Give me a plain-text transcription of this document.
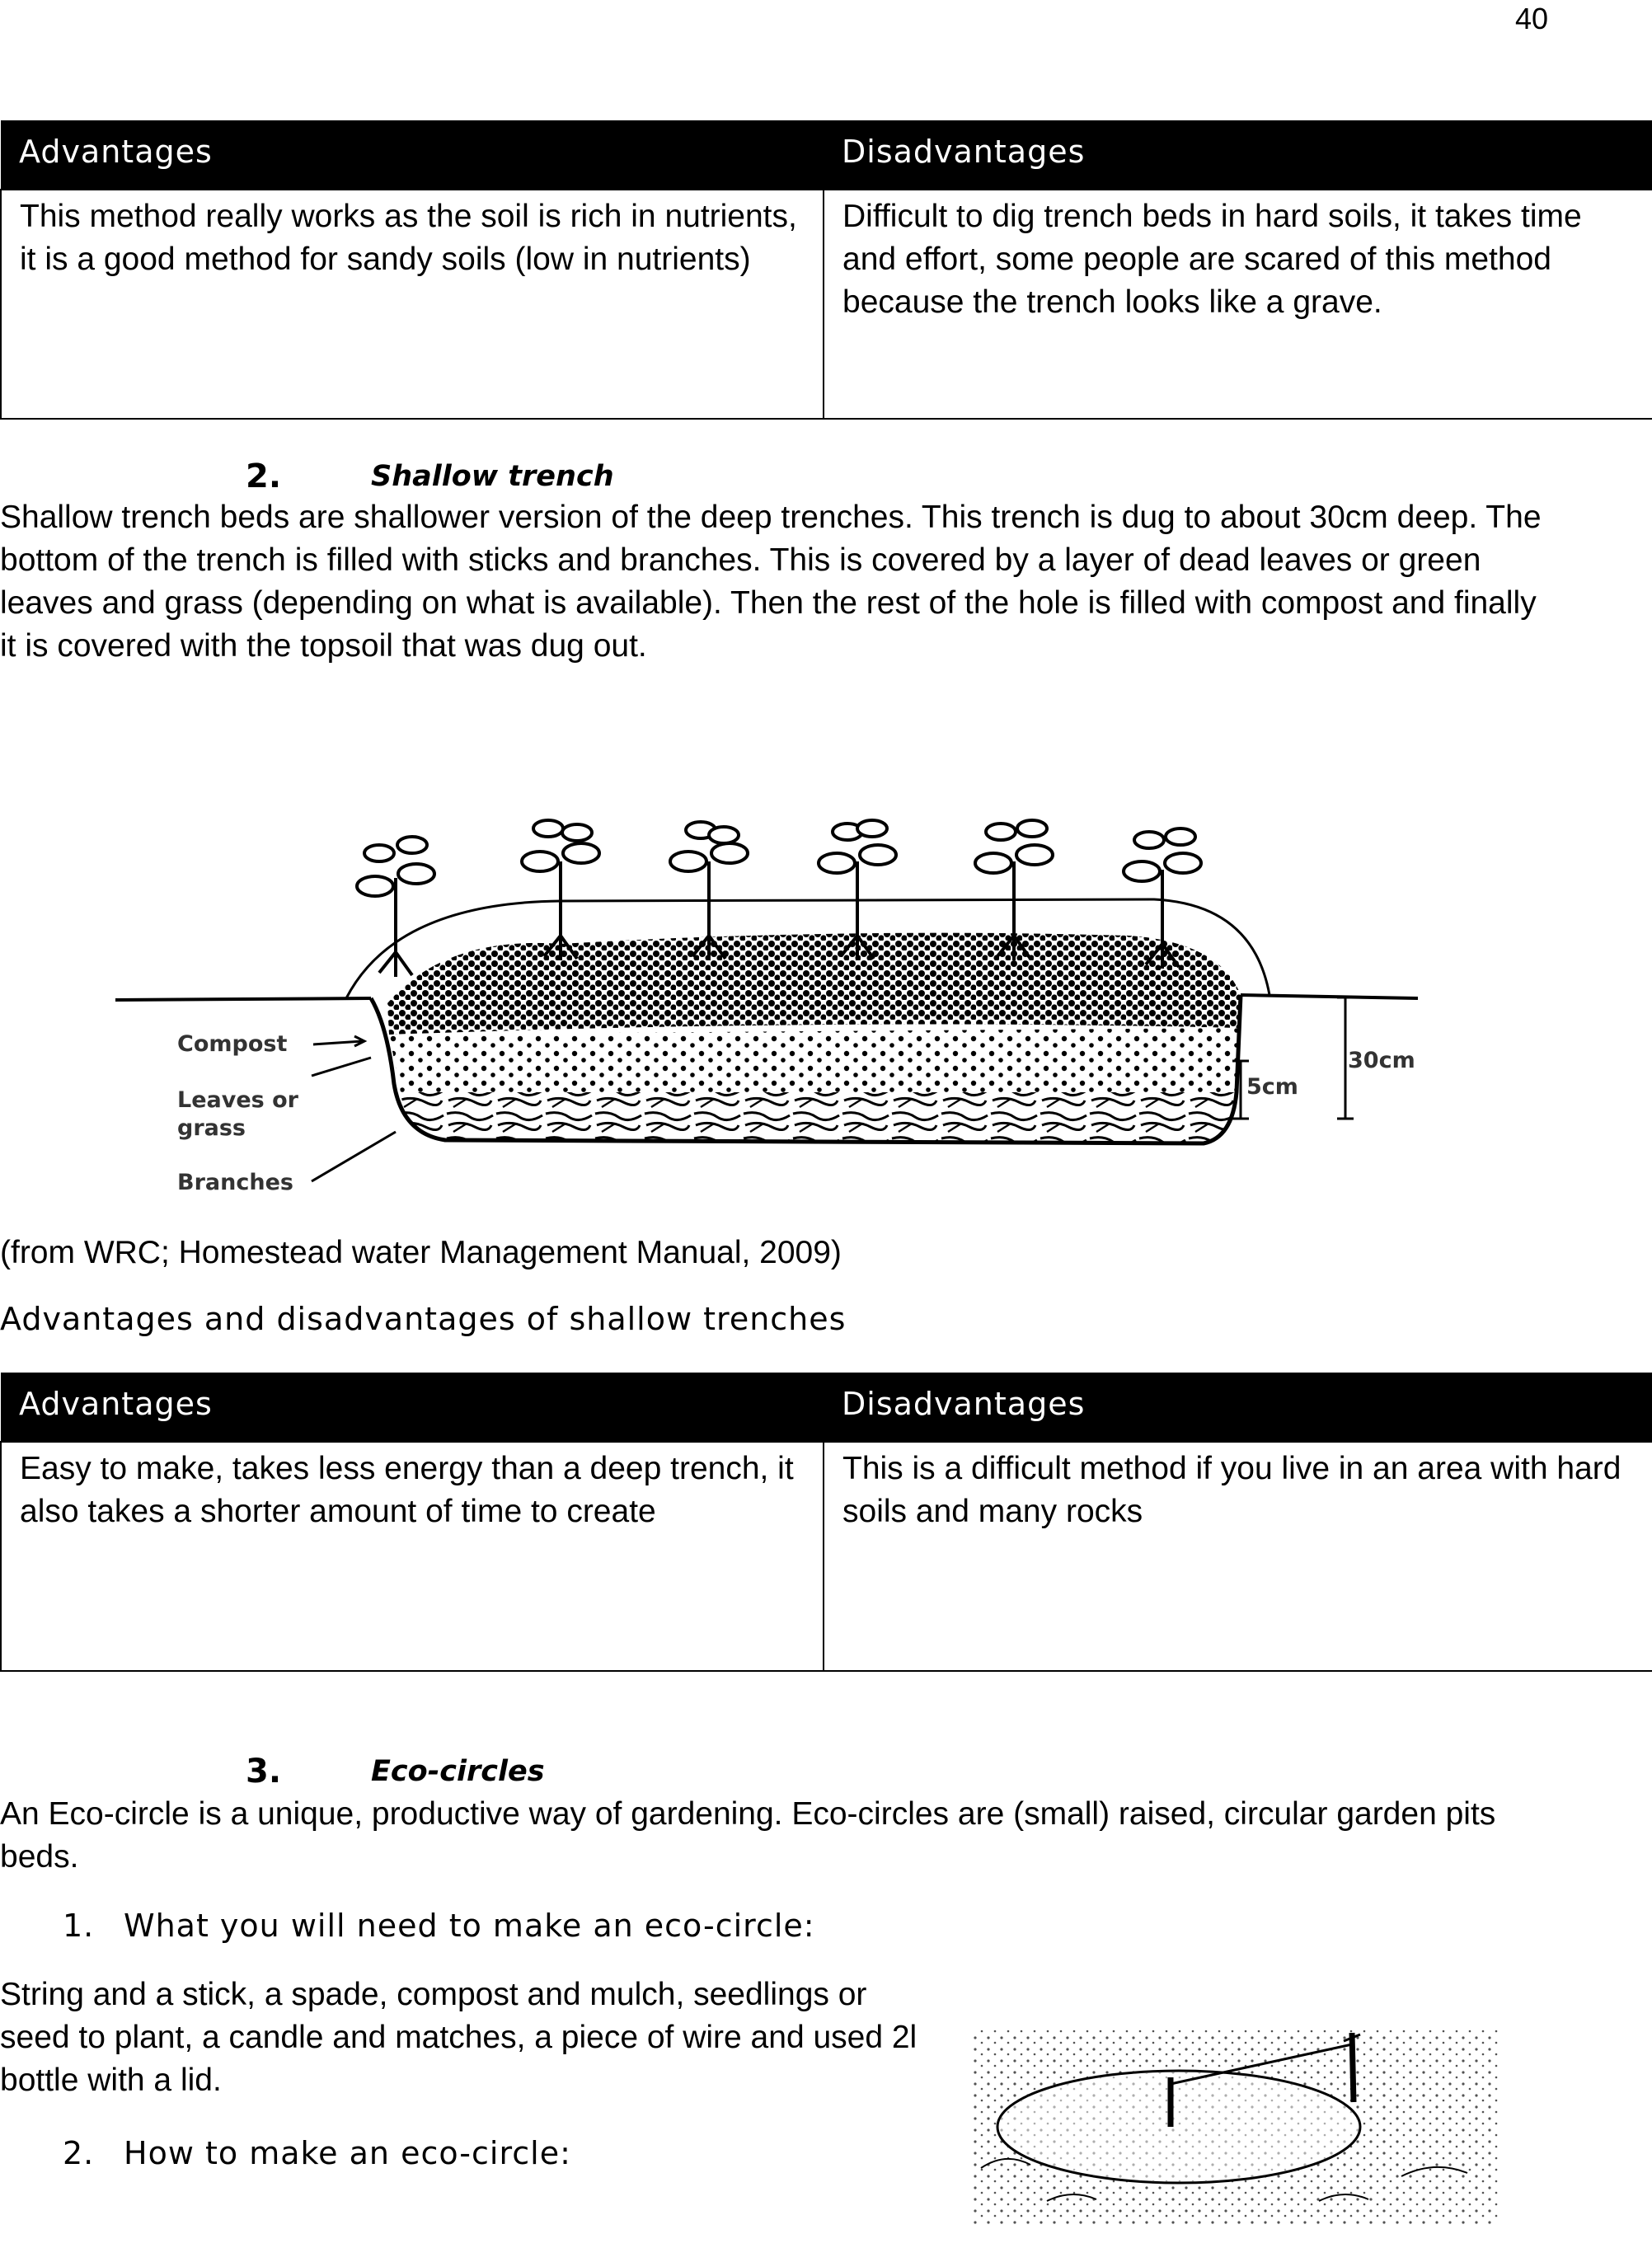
40
Advantages	Disadvantages
This method really works as the soil is rich in nutrients, it is a good method for sandy soils (low in nutrients)	Difficult to dig trench beds in hard soils, it takes time and effort, some people are scared of this method because the trench looks like a grave.
2.	Shallow trench
Shallow trench beds are shallower version of the deep trenches. This trench is dug to about 30cm deep. The bottom of the trench is filled with sticks and branches. This is covered by a layer of dead leaves or green leaves and grass (depending on what is available). Then the rest of the hole is filled with compost and finally it is covered with the topsoil that was dug out.
Compost
Leaves or
grass
Branches
5cm
30cm
(from WRC; Homestead water Management Manual, 2009)
Advantages and disadvantages of shallow trenches
Advantages	Disadvantages
Easy to make, takes less energy than a deep trench, it also takes a shorter amount of time to create	This is a difficult method if you live in an area with hard soils and many rocks
3.	Eco-circles
An Eco-circle is a unique, productive way of gardening. Eco-circles are (small) raised, circular garden pits beds.
1. What you will need to make an eco-circle:
String and a stick, a spade, compost and mulch, seedlings or seed to plant, a candle and matches, a piece of wire and used 2l bottle with a lid.
2. How to make an eco-circle:
